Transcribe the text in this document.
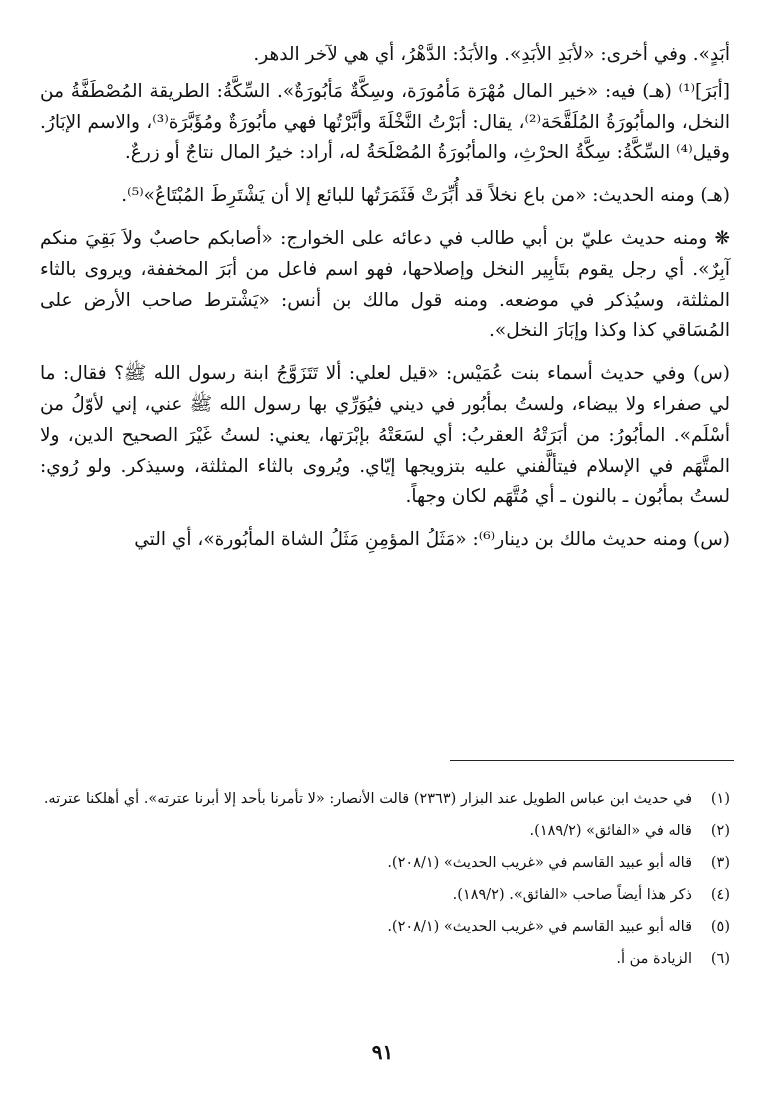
أبَدٍ». وفي أخرى: «لأبَدِ الأبَدِ». والأبَدُ: الدَّهْرُ، أي هي لآخر الدهر.

[أبَرَ]⁽¹⁾ (هـ) فيه: «خير المال مُهْرَة مَأمُورَة، وسِكَّةٌ مَأبُورَةٌ». السِّكَّةُ: الطريقة المُصْطَفَّةُ من النخل، والمأبُورَةُ المُلَقَّحَة⁽²⁾، يقال: أبَرْتُ النَّخْلَةَ وأبَّرْتُها فهي مأبُورَةٌ ومُؤَبَّرَة⁽³⁾، والاسم الإبَارُ. وقيل⁽⁴⁾ السِّكَّةُ: سِكَّةُ الحرْثِ، والمأبُورَةُ المُصْلَحَةُ له، أراد: خيرُ المال نتاجٌ أو زرعٌ.

(هـ) ومنه الحديث: «من باع نخلاً قد أُبِّرَتْ فَثَمَرَتُها للبائع إلا أن يَشْتَرِطَ المُبْتَاعُ»⁽⁵⁾.

❋ ومنه حديث عليّ بن أبي طالب في دعائه على الخوارج: «أصابكم حاصبٌ ولاَ بَقِيَ منكم آبِرٌ». أي رجل يقوم بتَأبِير النخل وإصلاحها، فهو اسم فاعل من أبَرَ المخففة، ويروى بالثاء المثلثة، وسيُذكر في موضعه. ومنه قول مالك بن أنس: «يَشْترط صاحب الأرض على المُسَاقي كذا وكذا وإبَارَ النخل».

(س) وفي حديث أسماء بنت عُمَيْس: «قيل لعلي: ألا تَتَزَوَّجُ ابنة رسول الله ﷺ؟ فقال: ما لي صفراء ولا بيضاء، ولستُ بمأبُور في ديني فيُوَرِّي بها رسول الله ﷺ عني، إني لأوّلُ من أسْلَم». المأبُورُ: من أبَرَتْهُ العقربُ: أي لسَعَتْهُ بإبْرَتها، يعني: لستُ غَيْرَ الصحيح الدين، ولا المتَّهَم في الإسلام فيتألَّفني عليه بتزويجها إيّاي. ويُروى بالثاء المثلثة، وسيذكر. ولو رُوي: لستُ بمأبُون ـ بالنون ـ أي مُتَّهَم لكان وجهاً.

(س) ومنه حديث مالك بن دينار⁽⁶⁾: «مَثَلُ المؤمِنِ مَثَلُ الشاة المأبُورة»، أي التي

(١)
في حديث ابن عباس الطويل عند البزار (٢٣٦٣) قالت الأنصار: «لا تأمرنا بأحد إلا أبرنا عترته». أي أهلكنا عترته.
(٢)
قاله في «الفائق» (١٨٩/٢).
(٣)
قاله أبو عبيد القاسم في «غريب الحديث» (٢٠٨/١).
(٤)
ذكر هذا أيضاً صاحب «الفائق». (١٨٩/٢).
(٥)
قاله أبو عبيد القاسم في «غريب الحديث» (٢٠٨/١).
(٦)
الزيادة من أ.
٩١
